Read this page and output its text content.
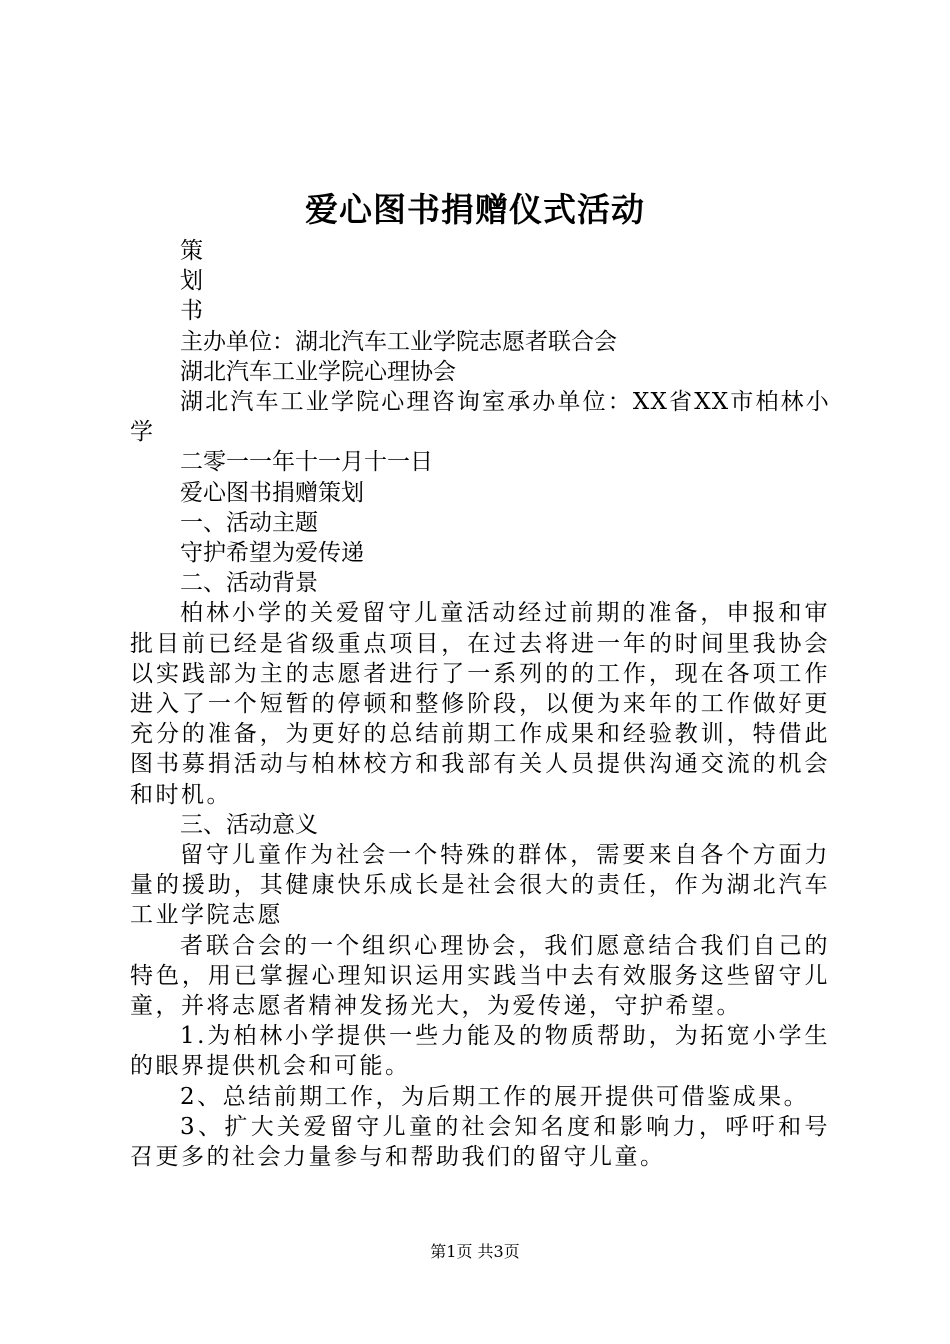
爱心图书捐赠仪式活动

策

划

书

主办单位：湖北汽车工业学院志愿者联合会

湖北汽车工业学院心理协会

湖北汽车工业学院心理咨询室承办单位：XX省XX市柏林小学

二零一一年十一月十一日

爱心图书捐赠策划

一、活动主题

守护希望为爱传递

二、活动背景

柏林小学的关爱留守儿童活动经过前期的准备，申报和审批目前已经是省级重点项目，在过去将进一年的时间里我协会以实践部为主的志愿者进行了一系列的的工作，现在各项工作进入了一个短暂的停顿和整修阶段，以便为来年的工作做好更充分的准备，为更好的总结前期工作成果和经验教训，特借此图书募捐活动与柏林校方和我部有关人员提供沟通交流的机会和时机。

三、活动意义

留守儿童作为社会一个特殊的群体，需要来自各个方面力量的援助，其健康快乐成长是社会很大的责任，作为湖北汽车工业学院志愿

者联合会的一个组织心理协会，我们愿意结合我们自己的特色，用已掌握心理知识运用实践当中去有效服务这些留守儿童，并将志愿者精神发扬光大，为爱传递，守护希望。

1.为柏林小学提供一些力能及的物质帮助，为拓宽小学生的眼界提供机会和可能。

2、总结前期工作，为后期工作的展开提供可借鉴成果。

3、扩大关爱留守儿童的社会知名度和影响力，呼吁和号召更多的社会力量参与和帮助我们的留守儿童。

第1页 共3页
